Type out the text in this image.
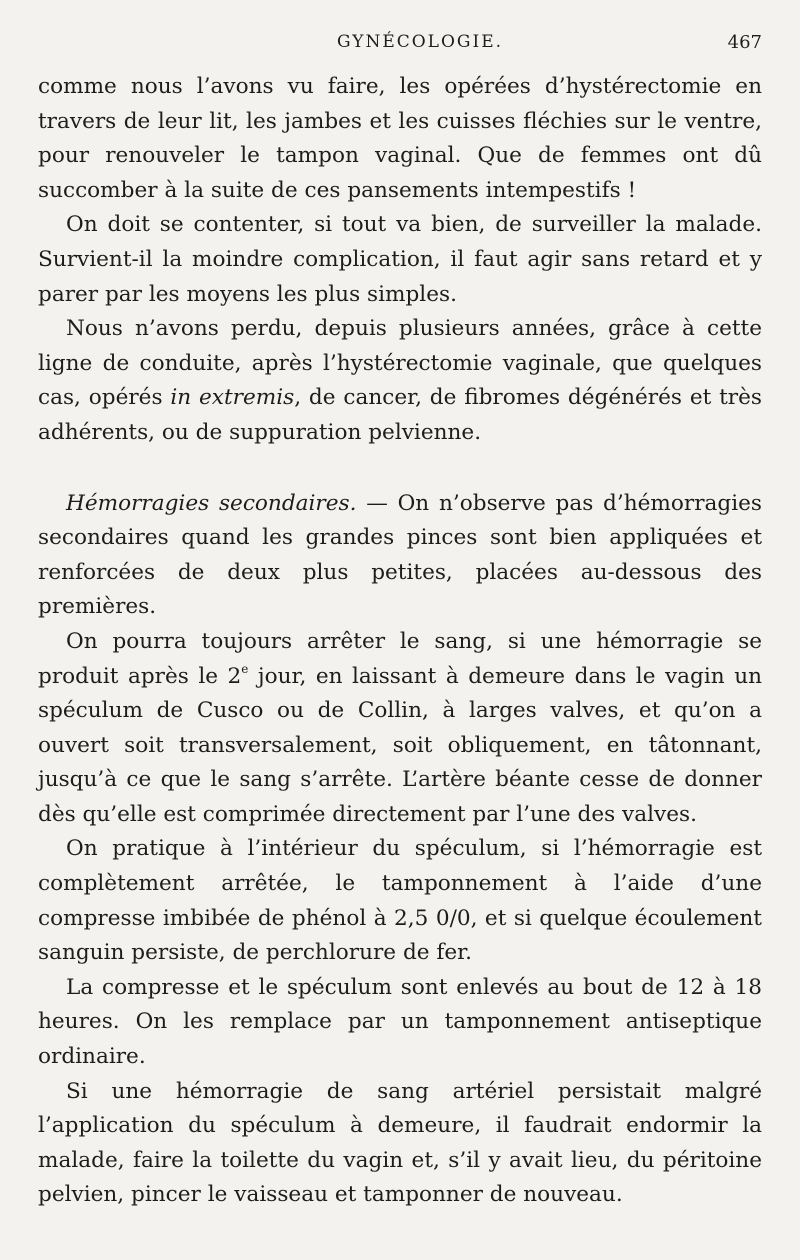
GYNÉCOLOGIE.	467

comme nous l’avons vu faire, les opérées d’hystérectomie en travers de leur lit, les jambes et les cuisses fléchies sur le ventre, pour renouveler le tampon vaginal. Que de femmes ont dû succomber à la suite de ces pansements intempestifs !

On doit se contenter, si tout va bien, de surveiller la malade. Survient-il la moindre complication, il faut agir sans retard et y parer par les moyens les plus simples.

Nous n’avons perdu, depuis plusieurs années, grâce à cette ligne de conduite, après l’hystérectomie vaginale, que quelques cas, opérés in extremis, de cancer, de fibromes dégénérés et très adhérents, ou de suppuration pelvienne.

Hémorragies secondaires. — On n’observe pas d’hémorragies secondaires quand les grandes pinces sont bien appliquées et renforcées de deux plus petites, placées au-dessous des premières.

On pourra toujours arrêter le sang, si une hémorragie se produit après le 2e jour, en laissant à demeure dans le vagin un spéculum de Cusco ou de Collin, à larges valves, et qu’on a ouvert soit transversalement, soit obliquement, en tâtonnant, jusqu’à ce que le sang s’arrête. L’artère béante cesse de donner dès qu’elle est comprimée directement par l’une des valves.

On pratique à l’intérieur du spéculum, si l’hémorragie est complètement arrêtée, le tamponnement à l’aide d’une compresse imbibée de phénol à 2,5 0/0, et si quelque écoulement sanguin persiste, de perchlorure de fer.

La compresse et le spéculum sont enlevés au bout de 12 à 18 heures. On les remplace par un tamponnement antiseptique ordinaire.

Si une hémorragie de sang artériel persistait malgré l’application du spéculum à demeure, il faudrait endormir la malade, faire la toilette du vagin et, s’il y avait lieu, du péritoine pelvien, pincer le vaisseau et tamponner de nouveau.
